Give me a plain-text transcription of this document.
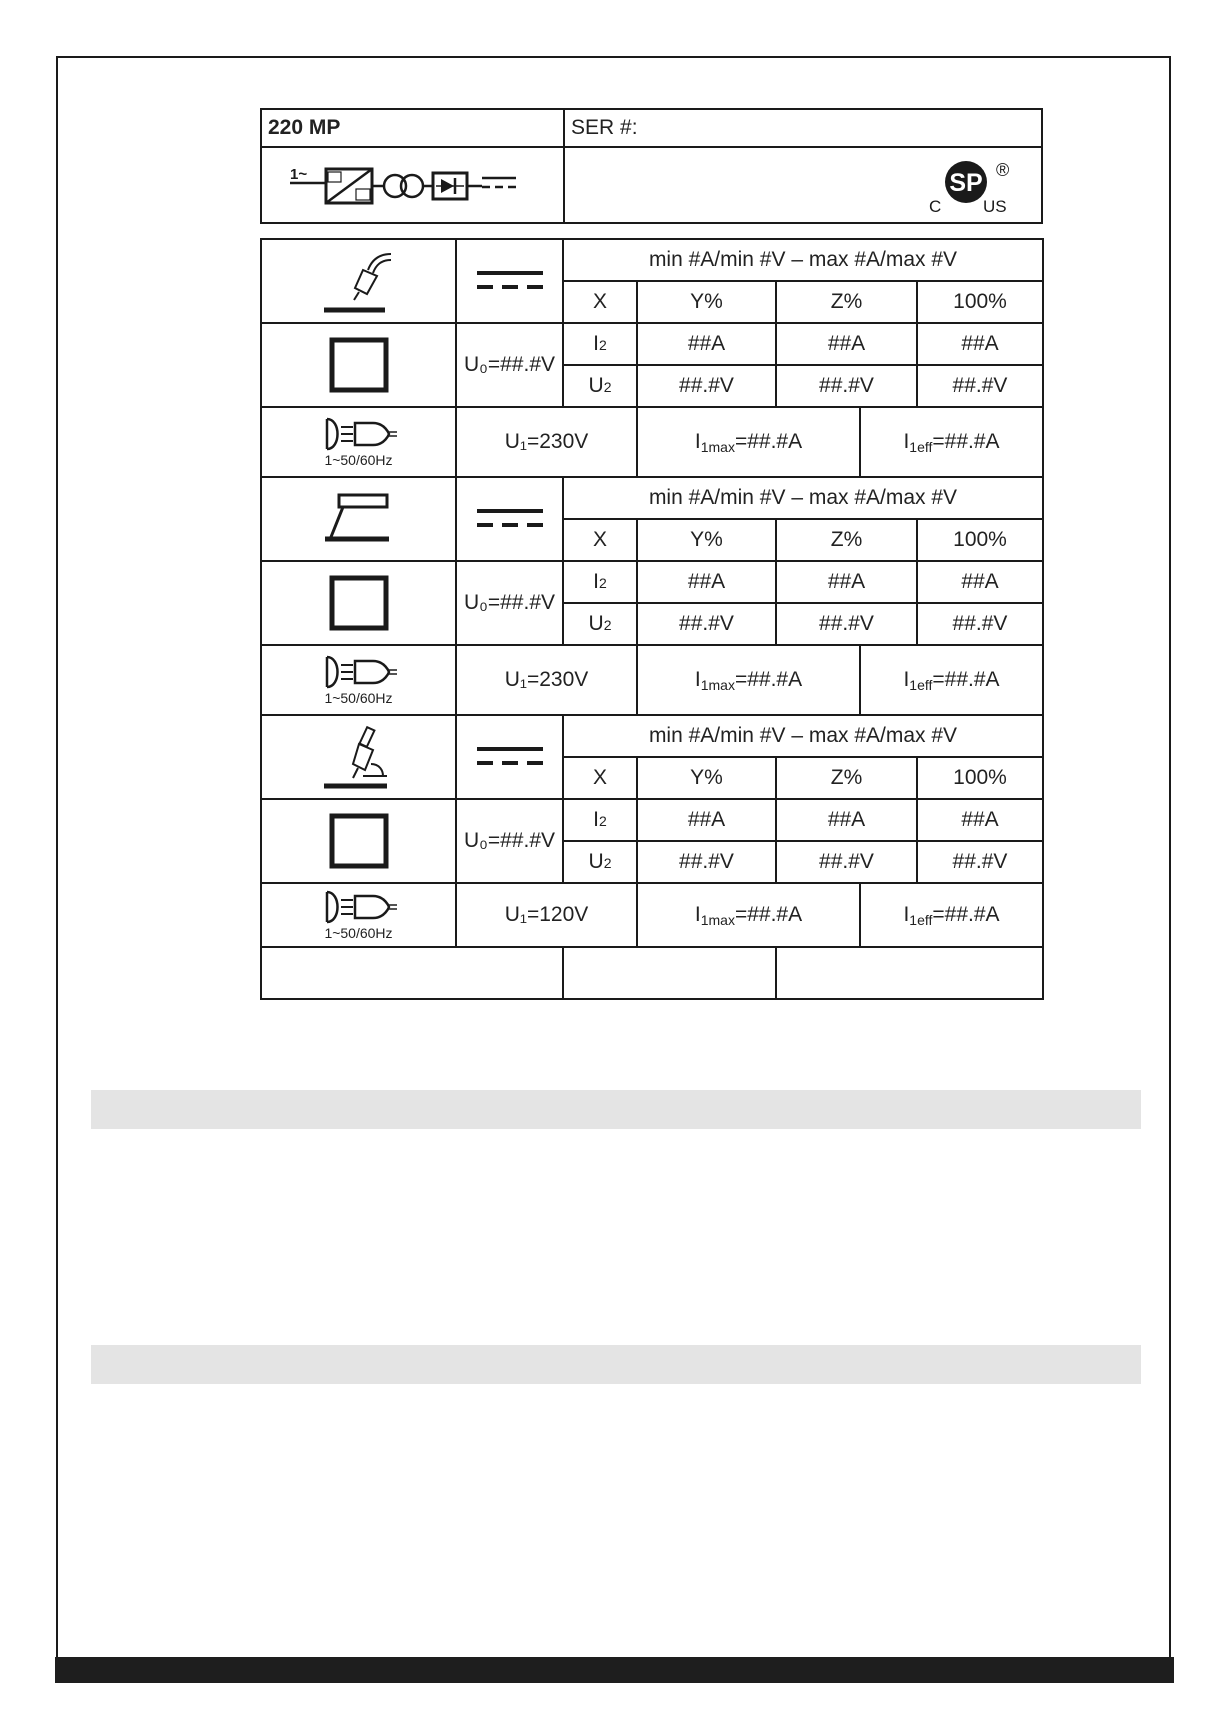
220 MP	SER #:

1~	SP ®
C US

	min #A/min #V – max #A/max #V				
		X	Y%	Z%		100%

	U₀=##.#V	I2	##A	##A		##A
		U2	##.#V	##.#V		##.#V

1~50/60Hz	U₁=230V		$I_{1max}=\#\#.\#A$		$I_{1eff}=\#\#.\#A$	

	min #A/min #V – max #A/max #V				
		X	Y%	Z%		100%

	U₀=##.#V	I2	##A	##A		##A
		U2	##.#V	##.#V		##.#V

1~50/60Hz	U₁=230V		$I_{1max}=\#\#.\#A$		$I_{1eff}=\#\#.\#A$	

	min #A/min #V – max #A/max #V				
		X	Y%	Z%		100%

	U₀=##.#V	I2	##A	##A		##A
		U2	##.#V	##.#V		##.#V

1~50/60Hz	U₁=120V		$I_{1max}=\#\#.\#A$		$I_{1eff}=\#\#.\#A$	
